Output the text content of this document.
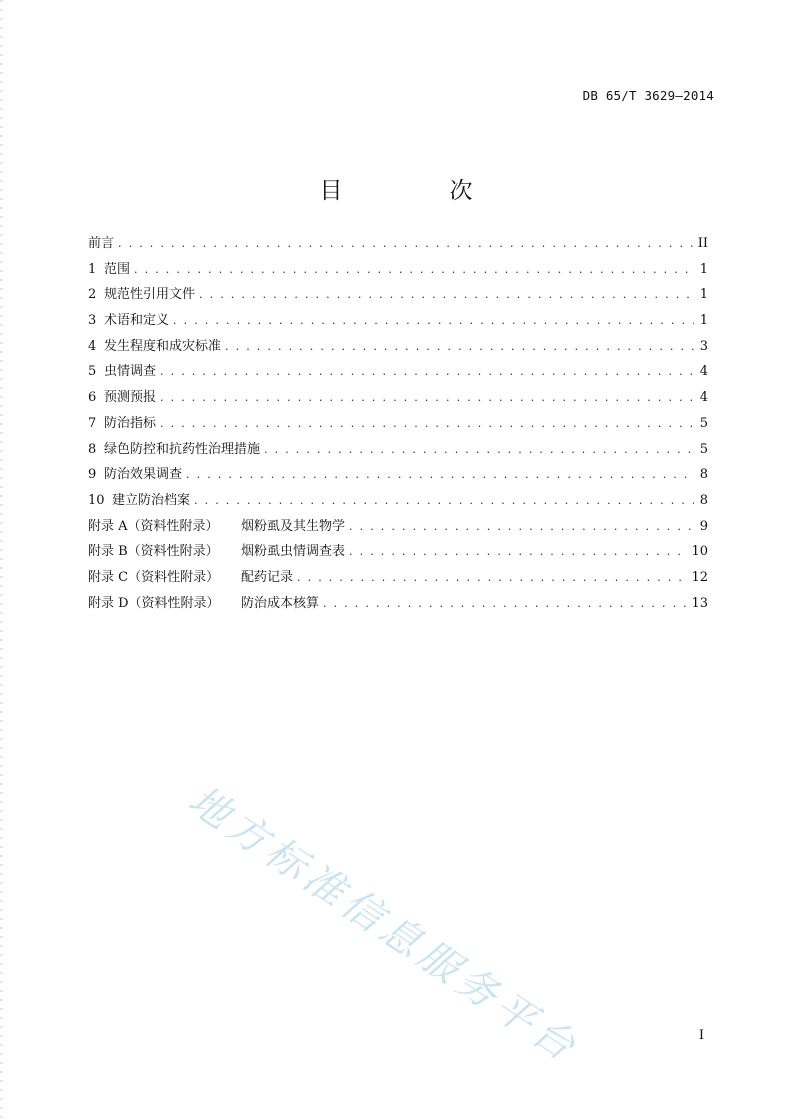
DB 65/T 3629—2014
目　次
前言 . . .	II
1 范围 . . .	1
2 规范性引用文件 . . .	1
3 术语和定义 . . .	1
4 发生程度和成灾标准 . . .	3
5 虫情调查 . . .	4
6 预测预报 . . .	4
7 防治指标 . . .	5
8 绿色防控和抗药性治理措施 . . .	5
9 防治效果调查 . . .	8
10 建立防治档案 . . .	8
附录 A（资料性附录）	烟粉虱及其生物学 . . .	9
附录 B（资料性附录）	烟粉虱虫情调查表 . . .	10
附录 C（资料性附录）	配药记录 . . .	12
附录 D（资料性附录）	防治成本核算 . . .	13
地方标准信息服务平台	I
